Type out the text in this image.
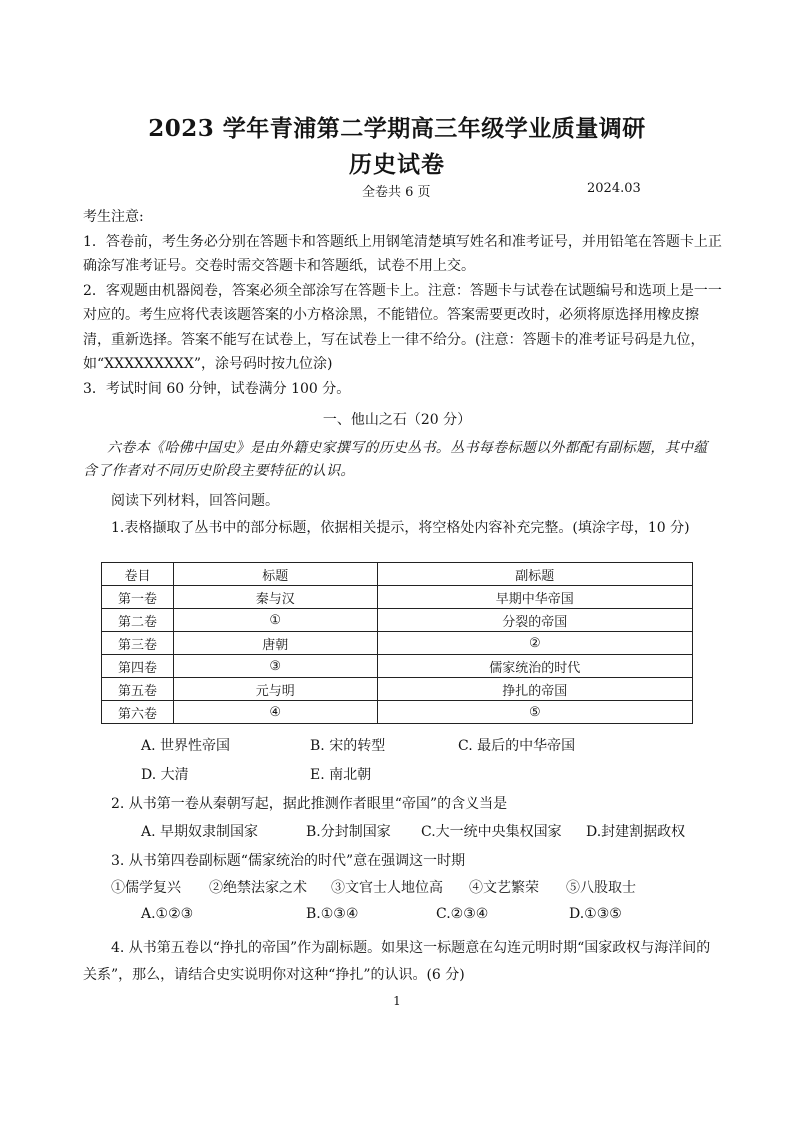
2023 学年青浦第二学期高三年级学业质量调研
历史试卷
全卷共 6 页	2024.03
考生注意:
1．答卷前，考生务必分别在答题卡和答题纸上用钢笔清楚填写姓名和准考证号，并用铅笔在答题卡上正确涂写准考证号。交卷时需交答题卡和答题纸，试卷不用上交。
2．客观题由机器阅卷，答案必须全部涂写在答题卡上。注意：答题卡与试卷在试题编号和选项上是一一对应的。考生应将代表该题答案的小方格涂黑，不能错位。答案需要更改时，必须将原选择用橡皮擦清，重新选择。答案不能写在试卷上，写在试卷上一律不给分。(注意：答题卡的准考证号码是九位，如“XXXXXXXXX”，涂号码时按九位涂)
3．考试时间 60 分钟，试卷满分 100 分。
一、他山之石（20 分）
六卷本《哈佛中国史》是由外籍史家撰写的历史丛书。丛书每卷标题以外都配有副标题，其中蕴含了作者对不同历史阶段主要特征的认识。
阅读下列材料，回答问题。
1.表格撷取了丛书中的部分标题，依据相关提示，将空格处内容补充完整。(填涂字母，10 分)
卷目	标题	副标题
第一卷	秦与汉	早期中华帝国
第二卷	①	分裂的帝国
第三卷	唐朝	②
第四卷	③	儒家统治的时代
第五卷	元与明	挣扎的帝国
第六卷	④	⑤
A. 世界性帝国	B. 宋的转型	C. 最后的中华帝国
D. 大清	E. 南北朝
2. 从书第一卷从秦朝写起，据此推测作者眼里“帝国”的含义当是
A. 早期奴隶制国家	B.分封制国家 C.大一统中央集权国家 D.封建割据政权
3. 从书第四卷副标题“儒家统治的时代”意在强调这一时期
①儒学复兴 ②绝禁法家之术 ③文官士人地位高 ④文艺繁荣 ⑤八股取士
A.①②③	B.①③④	C.②③④	D.①③⑤
4. 从书第五卷以“挣扎的帝国”作为副标题。如果这一标题意在勾连元明时期“国家政权与海洋间的关系”，那么，请结合史实说明你对这种“挣扎”的认识。(6 分)
1
